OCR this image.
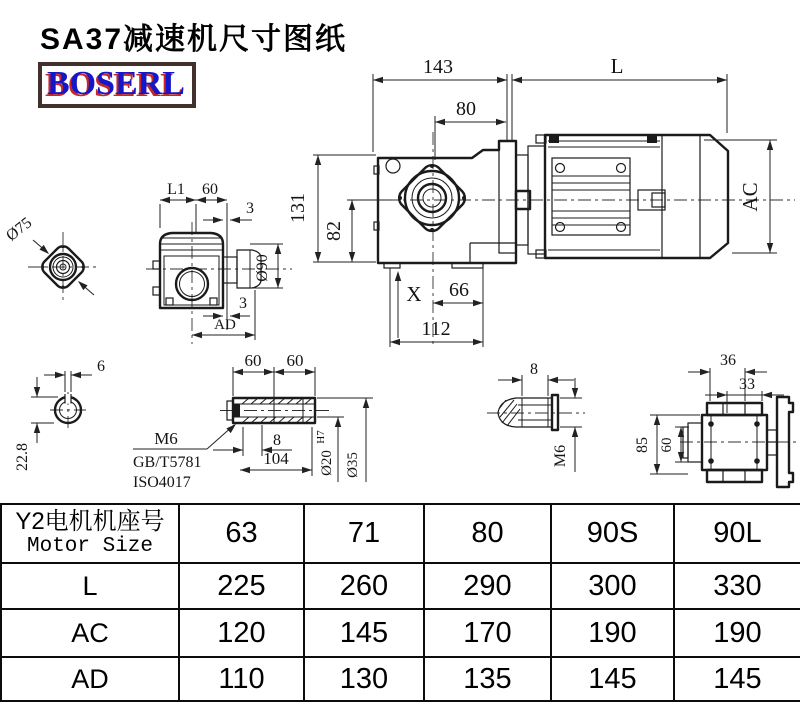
143	L
80
131
82
AC
X 66
112
L1 60
3
Ø90
3
AD
Ø75
6
22.8
60 60
M6
GB/T5781
ISO4017
8
104 Ø20
H7
Ø35
8
M6
36
33
85 60
SA37减速机尺寸图纸
BOSERL
Y2电机机座号
Motor Size	63	71	80	90S	90L
L	225	260	290	300	330
AC	120	145	170	190	190
AD	110	130	135	145	145
